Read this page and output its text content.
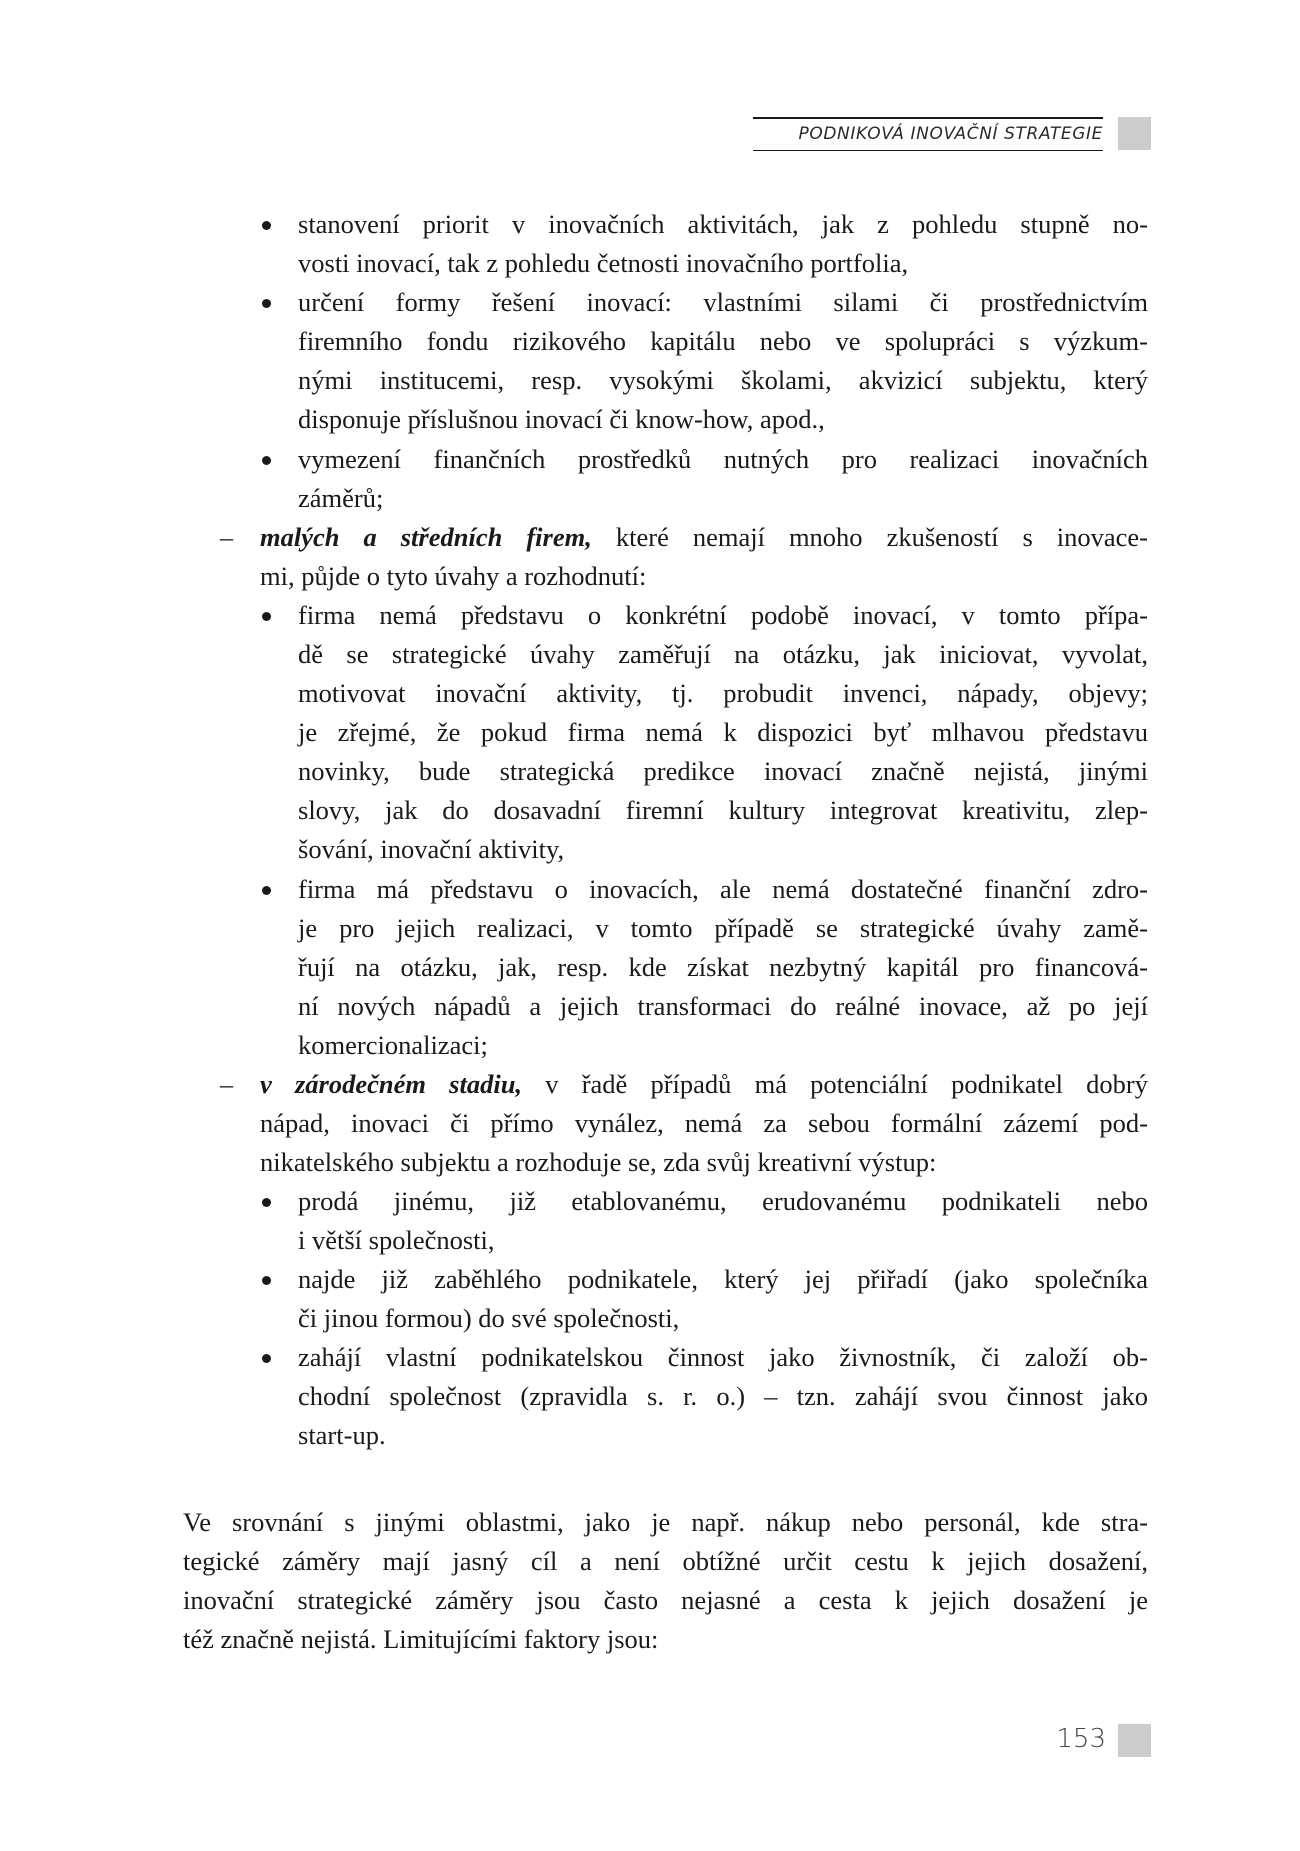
PODNIKOVÁ INOVAČNÍ STRATEGIE
stanovení priorit v inovačních aktivitách, jak z pohledu stupně no-
vosti inovací, tak z pohledu četnosti inovačního portfolia,
určení formy řešení inovací: vlastními silami či prostřednictvím
firemního fondu rizikového kapitálu nebo ve spolupráci s výzkum-
nými institucemi, resp. vysokými školami, akvizicí subjektu, který
disponuje příslušnou inovací či know-how, apod.,
vymezení finančních prostředků nutných pro realizaci inovačních
záměrů;
– malých a středních firem, které nemají mnoho zkušeností s inovace-
mi, půjde o tyto úvahy a rozhodnutí:
firma nemá představu o konkrétní podobě inovací, v tomto přípa-
dě se strategické úvahy zaměřují na otázku, jak iniciovat, vyvolat,
motivovat inovační aktivity, tj. probudit invenci, nápady, objevy;
je zřejmé, že pokud firma nemá k dispozici byť mlhavou představu
novinky, bude strategická predikce inovací značně nejistá, jinými
slovy, jak do dosavadní firemní kultury integrovat kreativitu, zlep-
šování, inovační aktivity,
firma má představu o inovacích, ale nemá dostatečné finanční zdro-
je pro jejich realizaci, v tomto případě se strategické úvahy zamě-
řují na otázku, jak, resp. kde získat nezbytný kapitál pro financová-
ní nových nápadů a jejich transformaci do reálné inovace, až po její
komercionalizaci;
– v zárodečném stadiu, v řadě případů má potenciální podnikatel dobrý
nápad, inovaci či přímo vynález, nemá za sebou formální zázemí pod-
nikatelského subjektu a rozhoduje se, zda svůj kreativní výstup:
prodá jinému, již etablovanému, erudovanému podnikateli nebo
i větší společnosti,
najde již zaběhlého podnikatele, který jej přiřadí (jako společníka
či jinou formou) do své společnosti,
zahájí vlastní podnikatelskou činnost jako živnostník, či založí ob-
chodní společnost (zpravidla s. r. o.) – tzn. zahájí svou činnost jako
start-up.
Ve srovnání s jinými oblastmi, jako je např. nákup nebo personál, kde stra-
tegické záměry mají jasný cíl a není obtížné určit cestu k jejich dosažení,
inovační strategické záměry jsou často nejasné a cesta k jejich dosažení je
též značně nejistá. Limitujícími faktory jsou:
153
